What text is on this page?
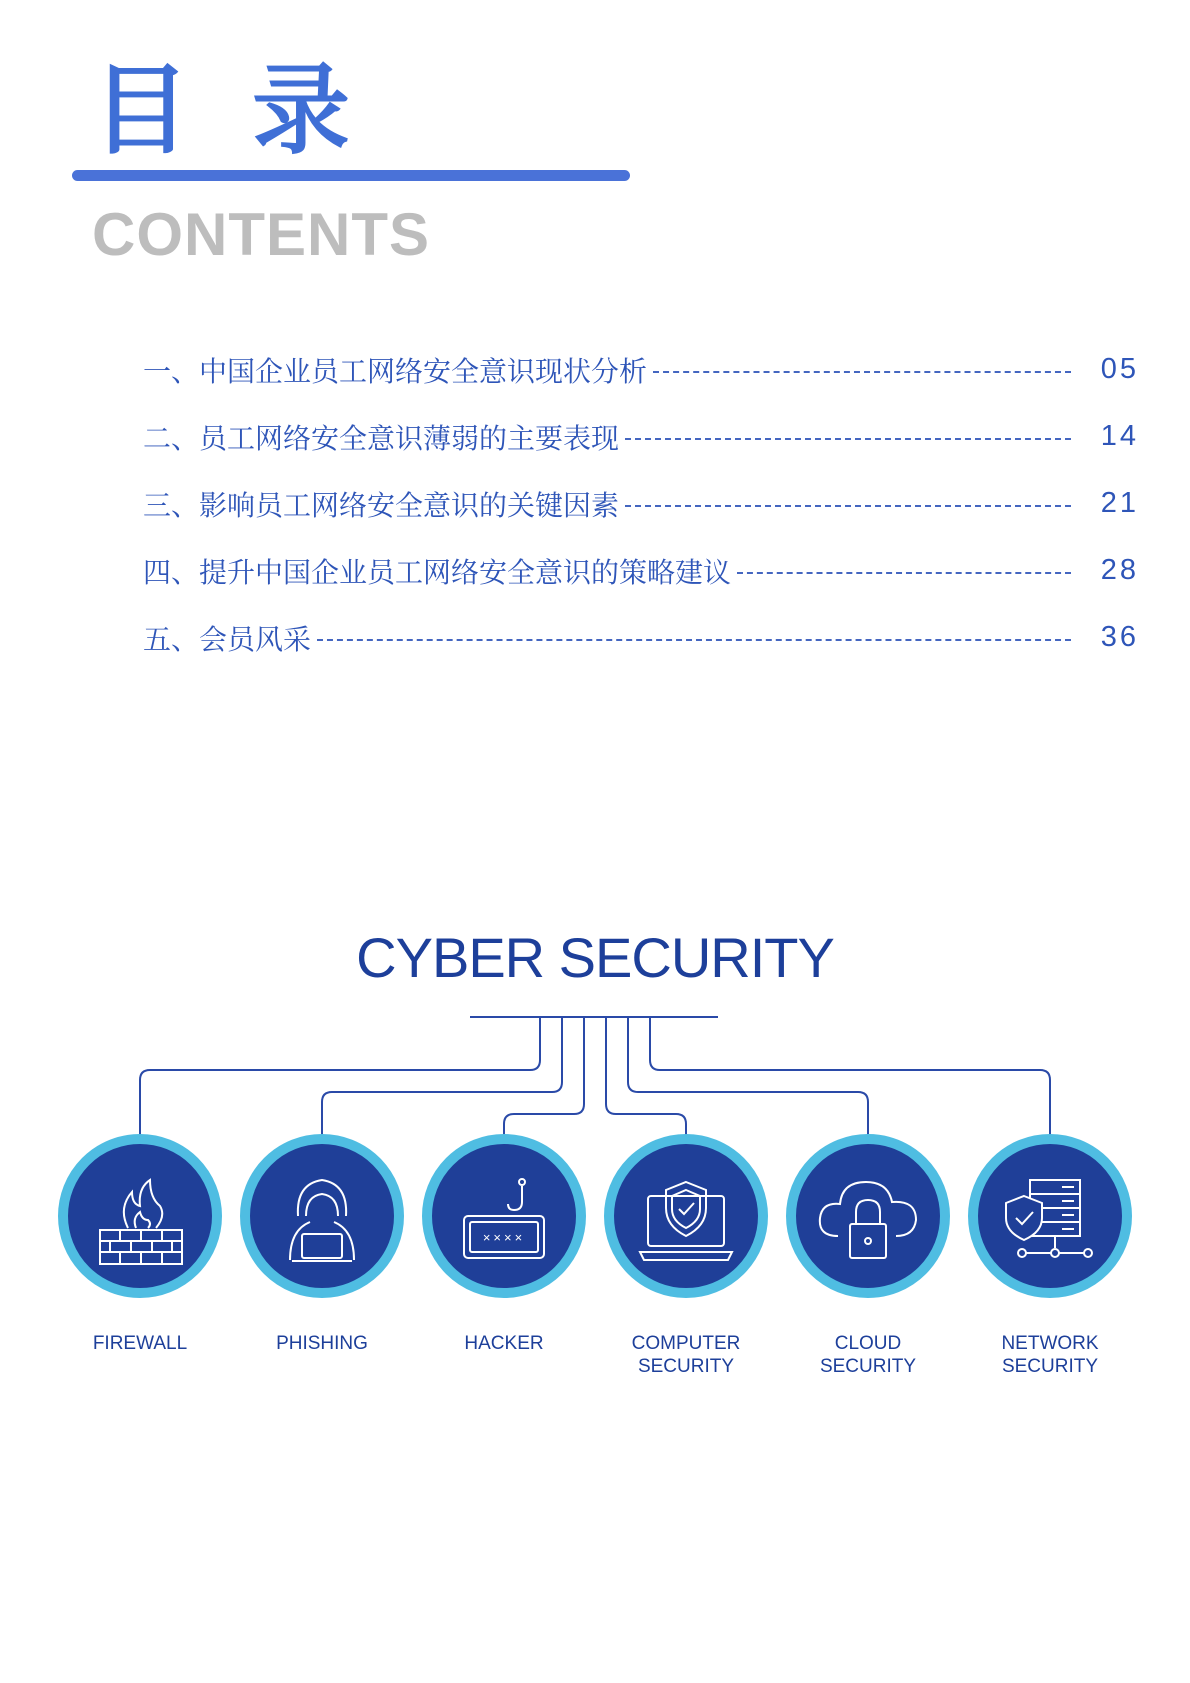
目录
CONTENTS
一、中国企业员工网络安全意识现状分析	05
二、员工网络安全意识薄弱的主要表现	14
三、影响员工网络安全意识的关键因素	21
四、提升中国企业员工网络安全意识的策略建议	28
五、会员风采	36
CYBER SECURITY
××××
FIREWALL	PHISHING	HACKER	COMPUTER
SECURITY
CLOUD
SECURITY
NETWORK
SECURITY
